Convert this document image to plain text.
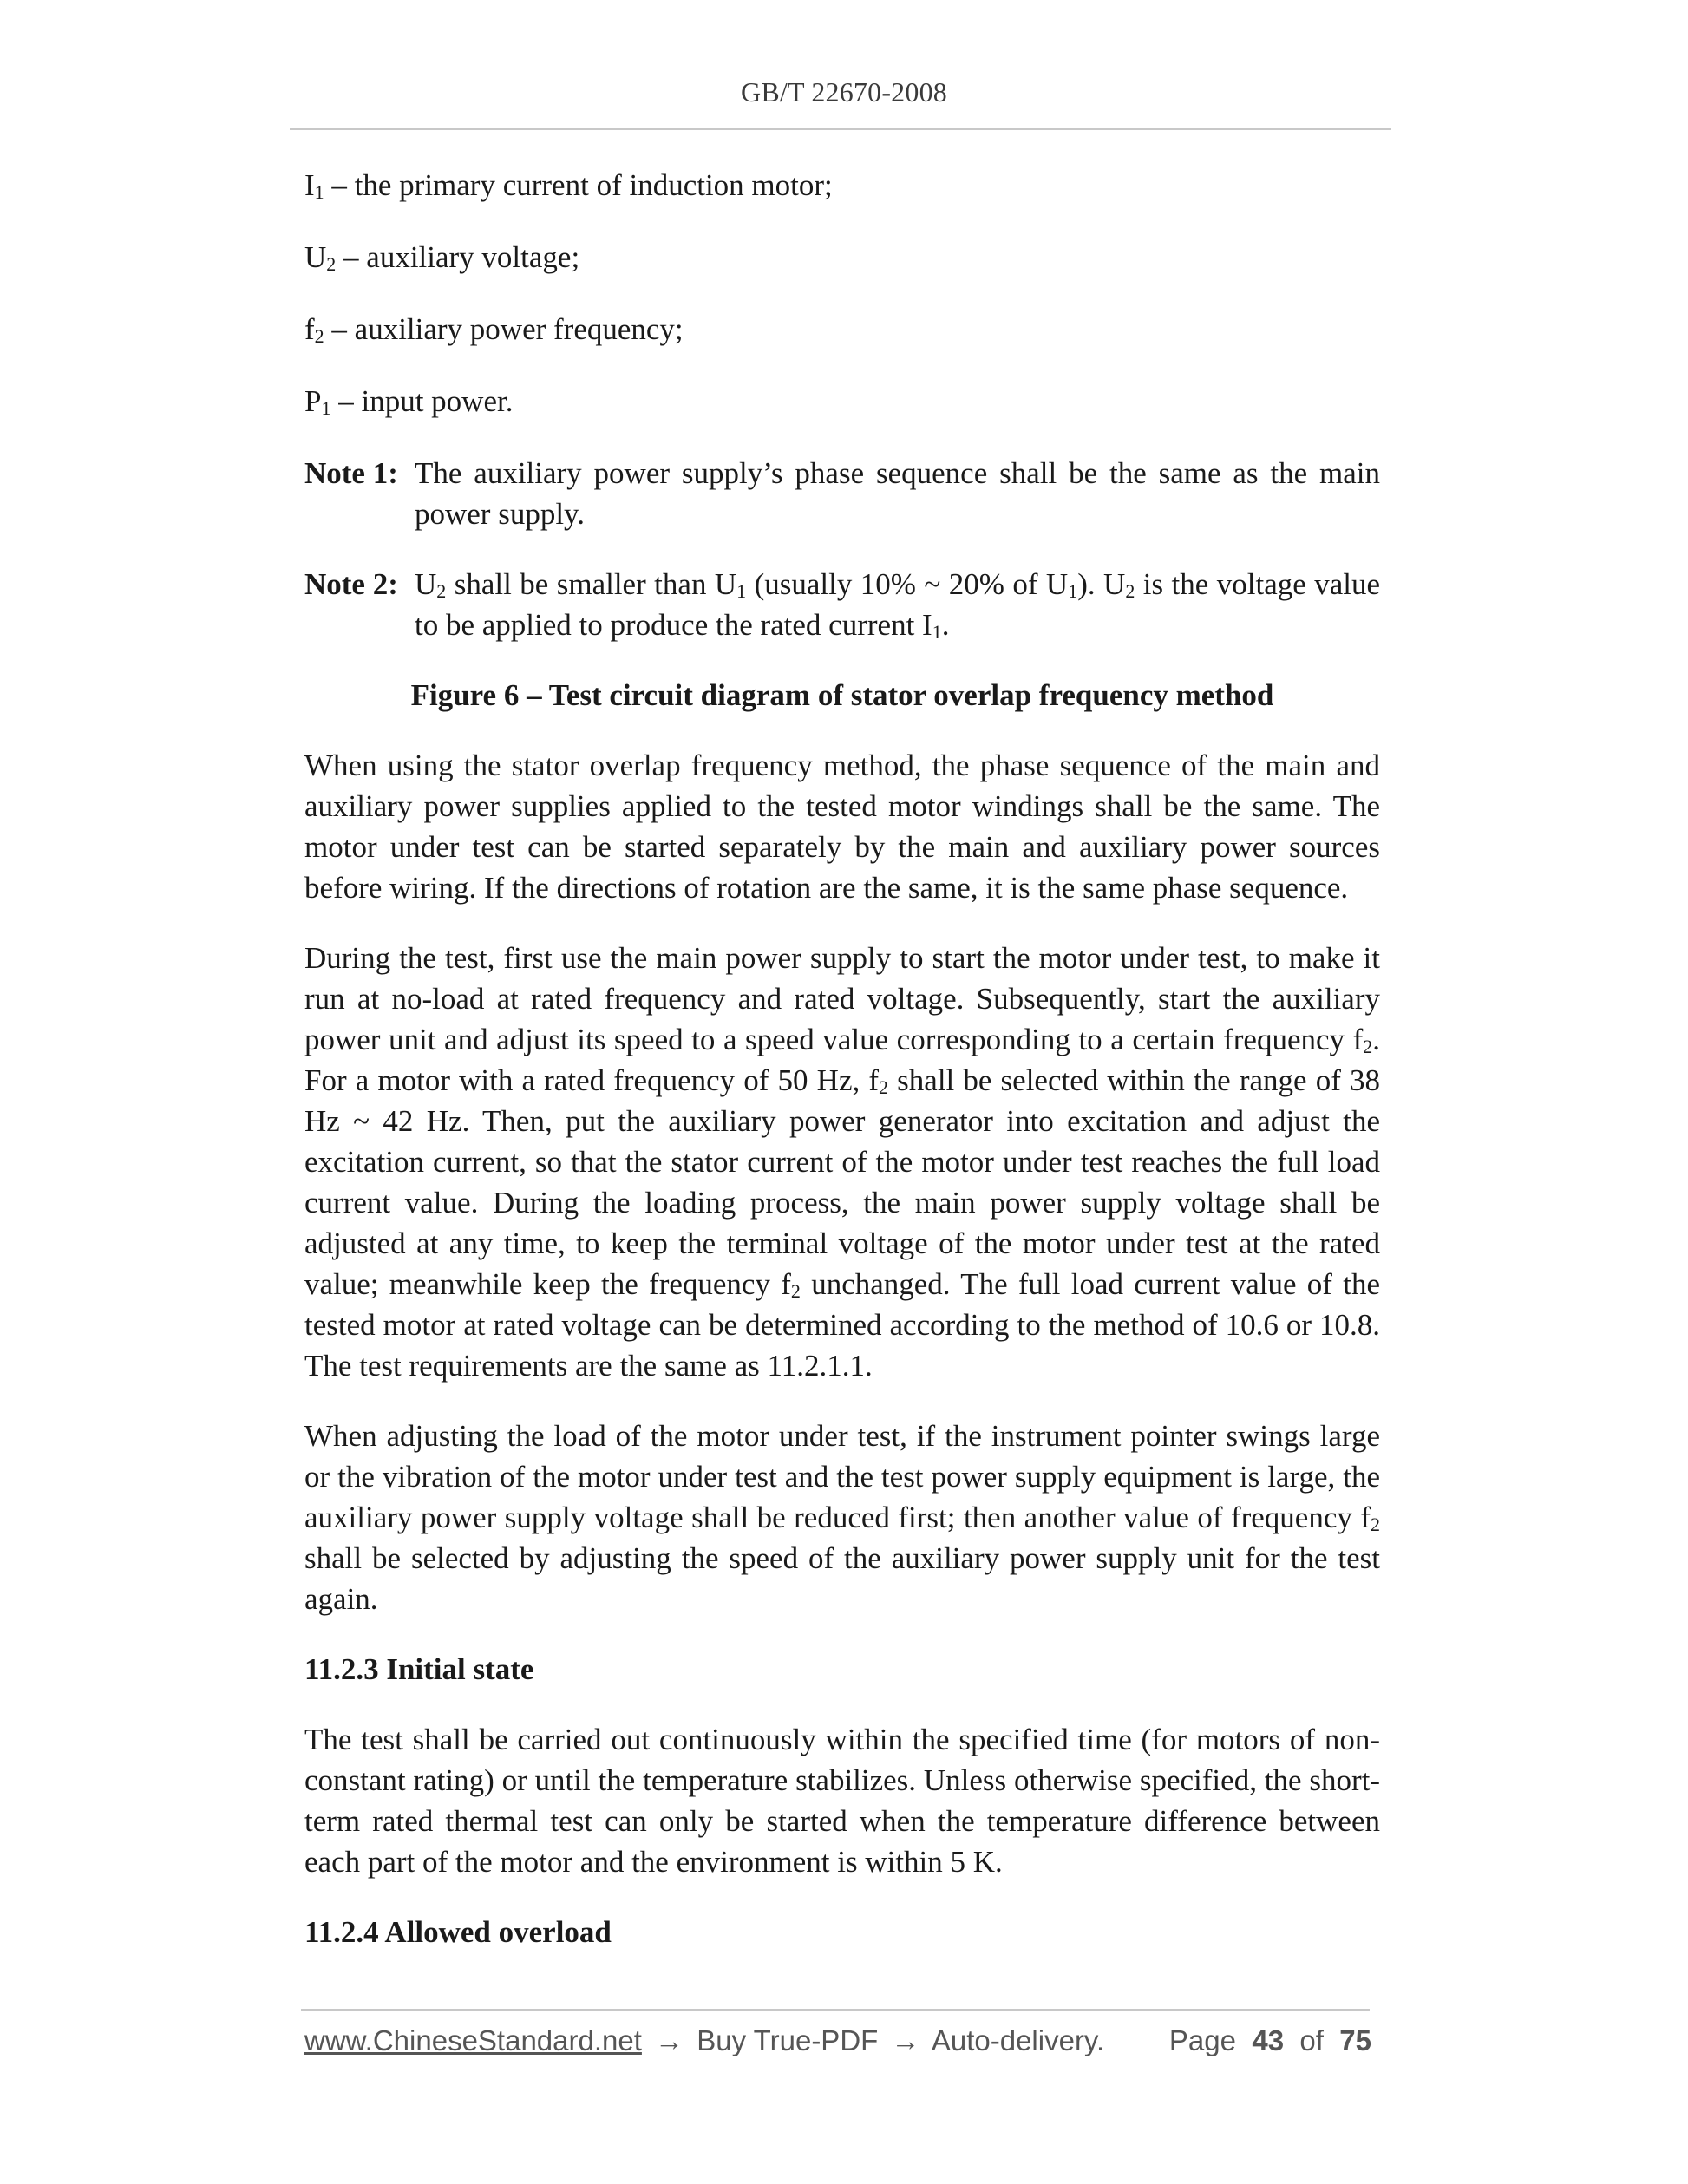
GB/T 22670-2008

$I_1$ – the primary current of induction motor;

$U_2$ – auxiliary voltage;

$f_2$ – auxiliary power frequency;

$P_1$ – input power.

Note 1: The auxiliary power supply’s phase sequence shall be the same as the main power supply.
Note 2: $U_2$ shall be smaller than $U_1$ (usually 10% ~ 20% of $U_1$). $U_2$ is the voltage value to be applied to produce the rated current $I_1$.

Figure 6 – Test circuit diagram of stator overlap frequency method

When using the stator overlap frequency method, the phase sequence of the main and auxiliary power supplies applied to the tested motor windings shall be the same. The motor under test can be started separately by the main and auxiliary power sources before wiring. If the directions of rotation are the same, it is the same phase sequence.

During the test, first use the main power supply to start the motor under test, to make it run at no-load at rated frequency and rated voltage. Subsequently, start the auxiliary power unit and adjust its speed to a speed value corresponding to a certain frequency $f_2$. For a motor with a rated frequency of 50 Hz, $f_2$ shall be selected within the range of 38 Hz ~ 42 Hz. Then, put the auxiliary power generator into excitation and adjust the excitation current, so that the stator current of the motor under test reaches the full load current value. During the loading process, the main power supply voltage shall be adjusted at any time, to keep the terminal voltage of the motor under test at the rated value; meanwhile keep the frequency $f_2$ unchanged. The full load current value of the tested motor at rated voltage can be determined according to the method of 10.6 or 10.8. The test requirements are the same as 11.2.1.1.

When adjusting the load of the motor under test, if the instrument pointer swings large or the vibration of the motor under test and the test power supply equipment is large, the auxiliary power supply voltage shall be reduced first; then another value of frequency $f_2$ shall be selected by adjusting the speed of the auxiliary power supply unit for the test again.

11.2.3 Initial state

The test shall be carried out continuously within the specified time (for motors of non-constant rating) or until the temperature stabilizes. Unless otherwise specified, the short-term rated thermal test can only be started when the temperature difference between each part of the motor and the environment is within 5 K.

11.2.4 Allowed overload

www.ChineseStandard.net → Buy True-PDF → Auto-delivery. Page 43 of 75
